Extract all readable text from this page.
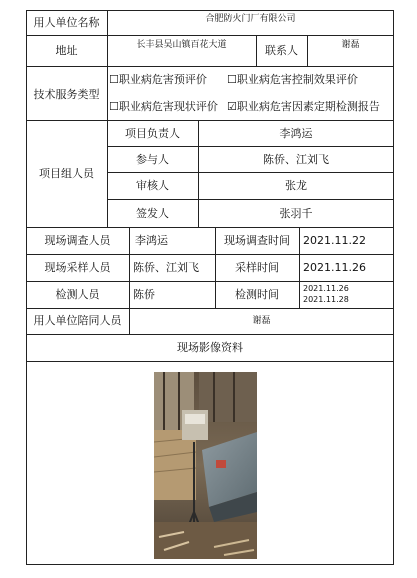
用人单位名称	合肥防火门厂有限公司
地址	长丰县吴山镇百花大道	联系人	谢磊
技术服务类型
☐职业病危害预评价 ☐职业病危害控制效果评价
☐职业病危害现状评价 ☑职业病危害因素定期检测报告
项目组人员
项目负责人	李鸿运
参与人	陈侨、江刘飞
审核人	张龙
签发人	张羽千
现场调查人员	李鸿运	现场调查时间	2021.11.22
现场采样人员	陈侨、江刘飞	采样时间	2021.11.26
检测人员	陈侨	检测时间	2021.11.26
2021.11.28
用人单位陪同人员	谢磊
现场影像资料
